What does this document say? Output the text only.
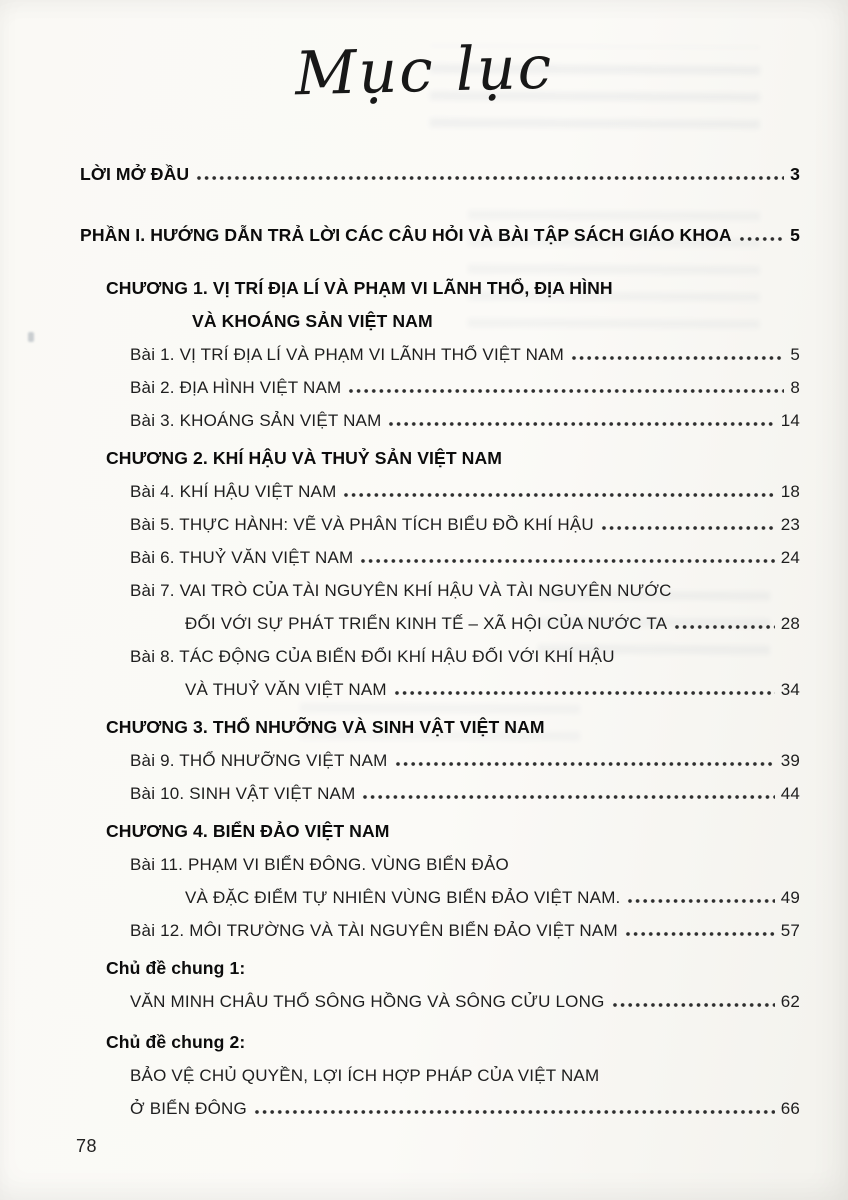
Mục lục
LỜI MỞ ĐẦU	3
PHẦN I. HƯỚNG DẪN TRẢ LỜI CÁC CÂU HỎI VÀ BÀI TẬP SÁCH GIÁO KHOA	5
CHƯƠNG 1. VỊ TRÍ ĐỊA LÍ VÀ PHẠM VI LÃNH THỔ, ĐỊA HÌNH
VÀ KHOÁNG SẢN VIỆT NAM
Bài 1. VỊ TRÍ ĐỊA LÍ VÀ PHẠM VI LÃNH THỔ VIỆT NAM	5
Bài 2. ĐỊA HÌNH VIỆT NAM	8
Bài 3. KHOÁNG SẢN VIỆT NAM	14
CHƯƠNG 2. KHÍ HẬU VÀ THUỶ SẢN VIỆT NAM
Bài 4. KHÍ HẬU VIỆT NAM	18
Bài 5. THỰC HÀNH: VẼ VÀ PHÂN TÍCH BIỂU ĐỒ KHÍ HẬU	23
Bài 6. THUỶ VĂN VIỆT NAM	24
Bài 7. VAI TRÒ CỦA TÀI NGUYÊN KHÍ HẬU VÀ TÀI NGUYÊN NƯỚC
ĐỐI VỚI SỰ PHÁT TRIỂN KINH TẾ – XÃ HỘI CỦA NƯỚC TA	28
Bài 8. TÁC ĐỘNG CỦA BIẾN ĐỔI KHÍ HẬU ĐỐI VỚI KHÍ HẬU
VÀ THUỶ VĂN VIỆT NAM	34
CHƯƠNG 3. THỔ NHƯỠNG VÀ SINH VẬT VIỆT NAM
Bài 9. THỔ NHƯỠNG VIỆT NAM	39
Bài 10. SINH VẬT VIỆT NAM	44
CHƯƠNG 4. BIỂN ĐẢO VIỆT NAM
Bài 11. PHẠM VI BIỂN ĐÔNG. VÙNG BIỂN ĐẢO
VÀ ĐẶC ĐIỂM TỰ NHIÊN VÙNG BIỂN ĐẢO VIỆT NAM.	49
Bài 12. MÔI TRƯỜNG VÀ TÀI NGUYÊN BIỂN ĐẢO VIỆT NAM	57
Chủ đề chung 1:
VĂN MINH CHÂU THỔ SÔNG HỒNG VÀ SÔNG CỬU LONG	62
Chủ đề chung 2:
BẢO VỆ CHỦ QUYỀN, LỢI ÍCH HỢP PHÁP CỦA VIỆT NAM
Ở BIỂN ĐÔNG	66
78
